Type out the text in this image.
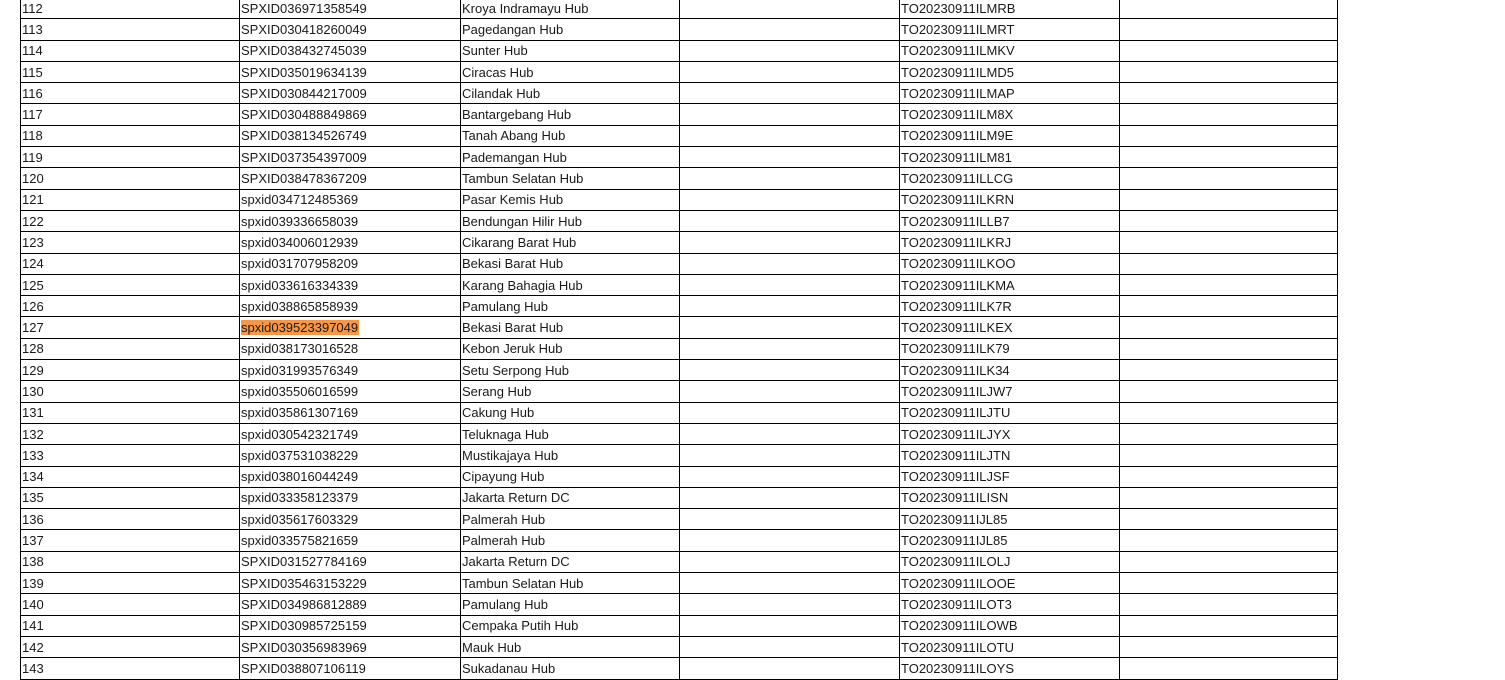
112	SPXID036971358549	Kroya Indramayu Hub		TO20230911ILMRB	
113	SPXID030418260049	Pagedangan Hub		TO20230911ILMRT	
114	SPXID038432745039	Sunter Hub		TO20230911ILMKV	
115	SPXID035019634139	Ciracas Hub		TO20230911ILMD5	
116	SPXID030844217009	Cilandak Hub		TO20230911ILMAP	
117	SPXID030488849869	Bantargebang Hub		TO20230911ILM8X	
118	SPXID038134526749	Tanah Abang Hub		TO20230911ILM9E	
119	SPXID037354397009	Pademangan Hub		TO20230911ILM81	
120	SPXID038478367209	Tambun Selatan Hub		TO20230911ILLCG	
121	spxid034712485369	Pasar Kemis Hub		TO20230911ILKRN	
122	spxid039336658039	Bendungan Hilir Hub		TO20230911ILLB7	
123	spxid034006012939	Cikarang Barat Hub		TO20230911ILKRJ	
124	spxid031707958209	Bekasi Barat Hub		TO20230911ILKOO	
125	spxid033616334339	Karang Bahagia Hub		TO20230911ILKMA	
126	spxid038865858939	Pamulang Hub		TO20230911ILK7R	
127	spxid039523397049	Bekasi Barat Hub		TO20230911ILKEX	
128	spxid038173016528	Kebon Jeruk Hub		TO20230911ILK79	
129	spxid031993576349	Setu Serpong Hub		TO20230911ILK34	
130	spxid035506016599	Serang Hub		TO20230911ILJW7	
131	spxid035861307169	Cakung Hub		TO20230911ILJTU	
132	spxid030542321749	Teluknaga Hub		TO20230911ILJYX	
133	spxid037531038229	Mustikajaya Hub		TO20230911ILJTN	
134	spxid038016044249	Cipayung Hub		TO20230911ILJSF	
135	spxid033358123379	Jakarta Return DC		TO20230911ILISN	
136	spxid035617603329	Palmerah Hub		TO20230911IJL85	
137	spxid033575821659	Palmerah Hub		TO20230911IJL85	
138	SPXID031527784169	Jakarta Return DC		TO20230911ILOLJ	
139	SPXID035463153229	Tambun Selatan Hub		TO20230911ILOOE	
140	SPXID034986812889	Pamulang Hub		TO20230911ILOT3	
141	SPXID030985725159	Cempaka Putih Hub		TO20230911ILOWB	
142	SPXID030356983969	Mauk Hub		TO20230911ILOTU	
143	SPXID038807106119	Sukadanau Hub		TO20230911ILOYS	
